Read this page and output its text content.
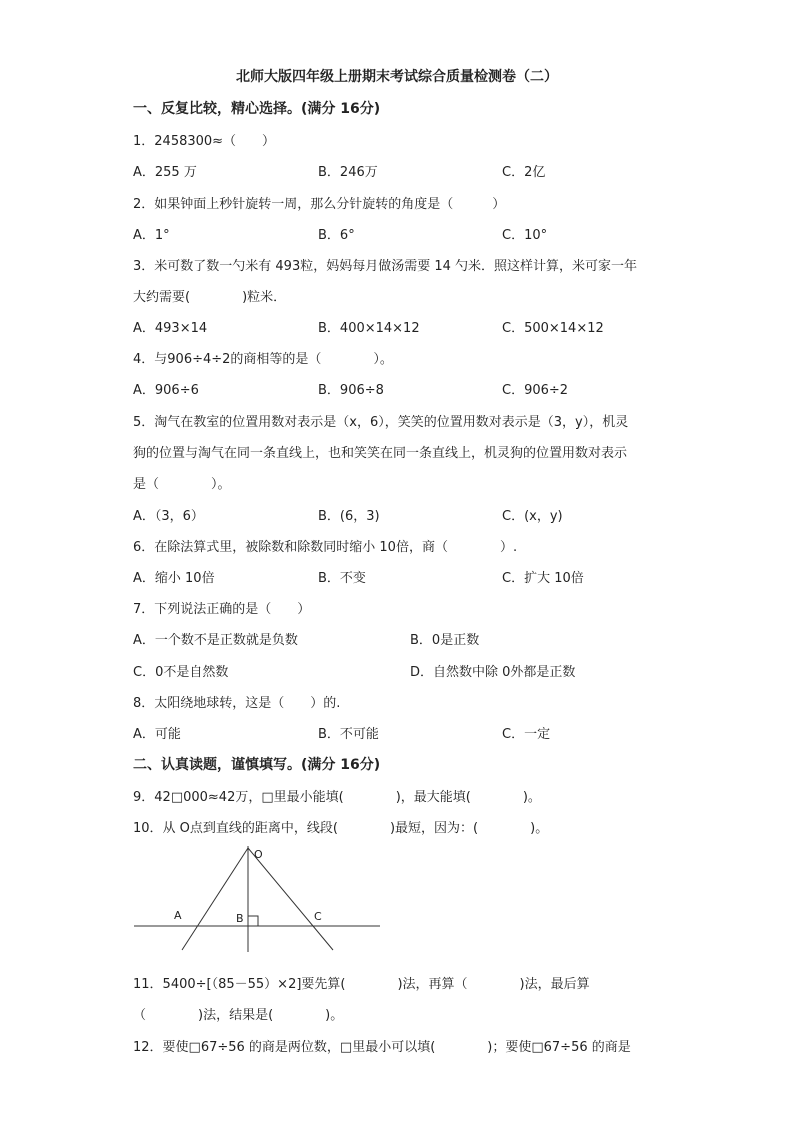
北师大版四年级上册期末考试综合质量检测卷（二）
一、反复比较，精心选择。(满分 16分)
1．2458300≈（　　）
A．255 万	B．246万	C．2亿
2．如果钟面上秒针旋转一周，那么分针旋转的角度是（　　　）
A．1°	B．6°	C．10°
3．米可数了数一勺米有 493粒，妈妈每月做汤需要 14 勺米．照这样计算，米可家一年
大约需要(　　　　)粒米．
A．493×14	B．400×14×12	C．500×14×12
4．与906÷4÷2的商相等的是（　　　　）。
A．906÷6	B．906÷8	C．906÷2
5．淘气在教室的位置用数对表示是（x，6），笑笑的位置用数对表示是（3，y），机灵
狗的位置与淘气在同一条直线上，也和笑笑在同一条直线上，机灵狗的位置用数对表示
是（　　　　）。
A．（3，6）	B．(6，3)	C．(x，y)
6．在除法算式里，被除数和除数同时缩小 10倍，商（　　　　）.
A．缩小 10倍	B．不变	C．扩大 10倍
7．下列说法正确的是（　　）
A．一个数不是正数就是负数	B．0是正数
C．0不是自然数	D．自然数中除 0外都是正数
8．太阳绕地球转，这是（　　）的.
A．可能	B．不可能	C．一定
二、认真读题，谨慎填写。(满分 16分)
9．42□000≈42万，□里最小能填(　　　　)，最大能填(　　　　)。
10．从 O点到直线的距离中，线段(　　　　)最短，因为：(　　　　)。
O
A	B	C
11．5400÷[（85－55）×2]要先算(　　　　)法，再算（　　　　)法，最后算
（　　　　)法，结果是(　　　　)。
12．要使□67÷56 的商是两位数，□里最小可以填(　　　　)；要使□67÷56 的商是
